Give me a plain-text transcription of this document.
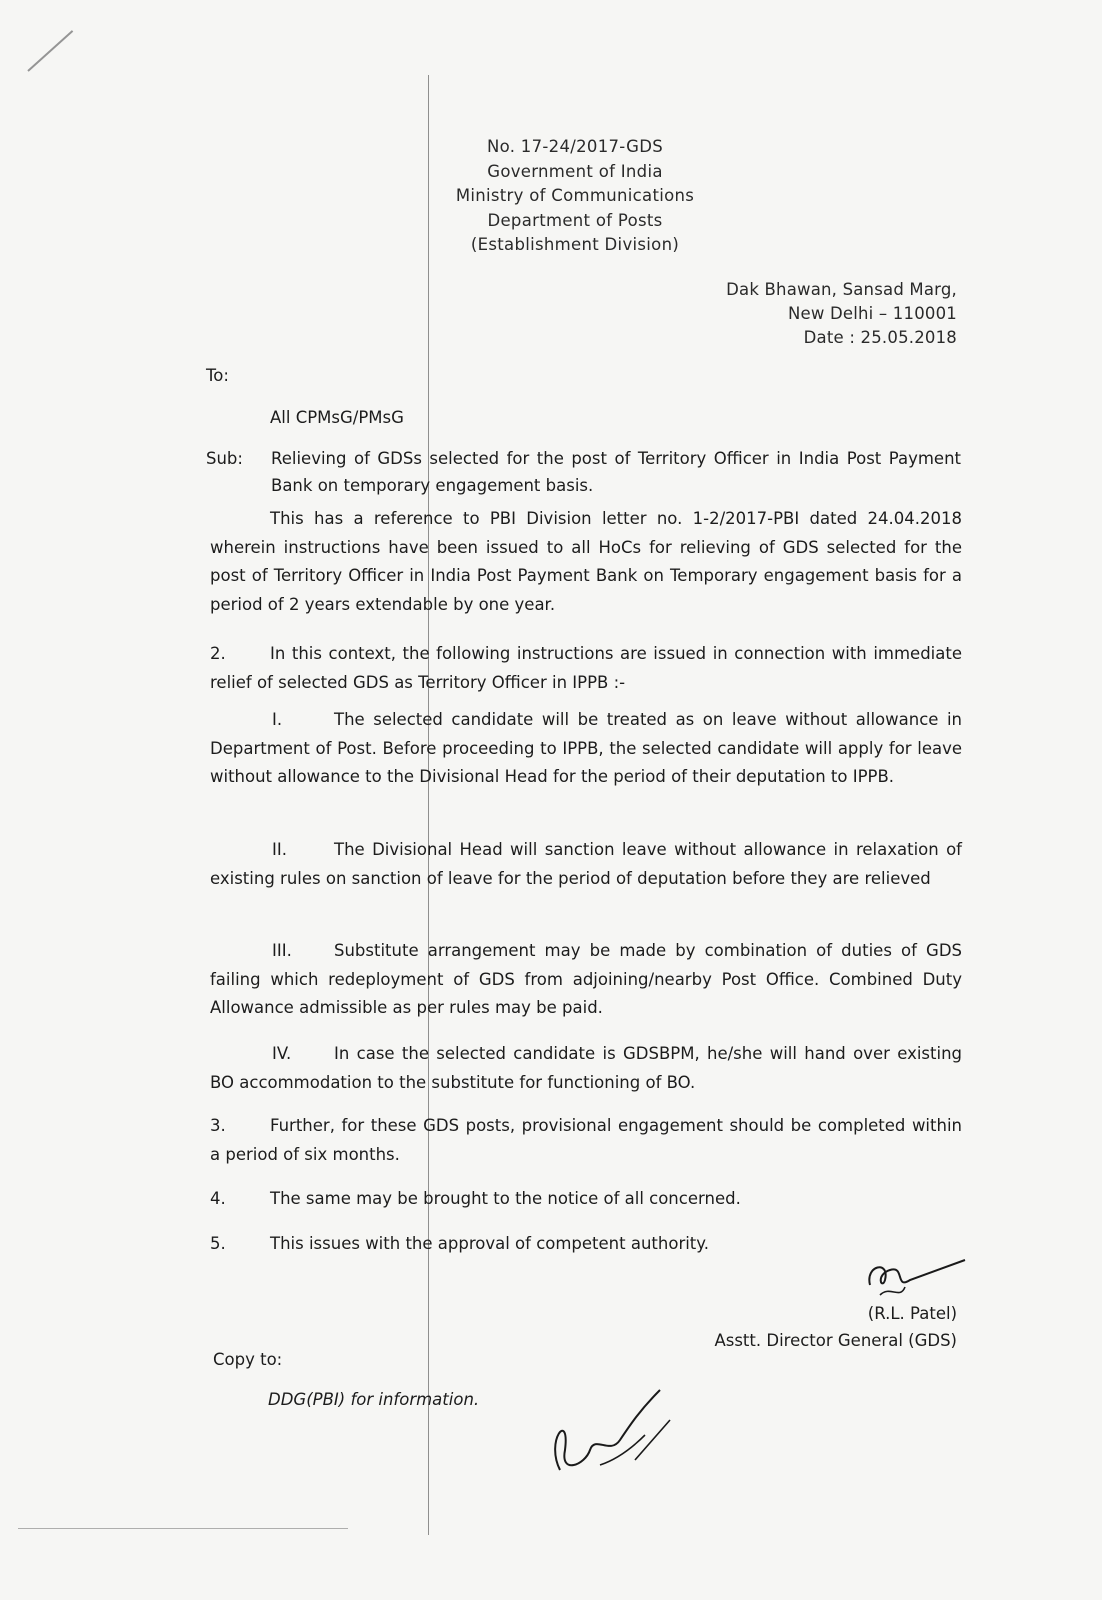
No. 17-24/2017-GDS
Government of India
Ministry of Communications
Department of Posts
(Establishment Division)
Dak Bhawan, Sansad Marg,
New Delhi – 110001
Date : 25.05.2018
To:
All CPMsG/PMsG
Sub: Relieving of GDSs selected for the post of Territory Officer in India Post Payment Bank on temporary engagement basis.
This has a reference to PBI Division letter no. 1-2/2017-PBI dated 24.04.2018 wherein instructions have been issued to all HoCs for relieving of GDS selected for the post of Territory Officer in India Post Payment Bank on Temporary engagement basis for a period of 2 years extendable by one year.
2.	In this context, the following instructions are issued in connection with immediate relief of selected GDS as Territory Officer in IPPB :-
I.	The selected candidate will be treated as on leave without allowance in Department of Post. Before proceeding to IPPB, the selected candidate will apply for leave without allowance to the Divisional Head for the period of their deputation to IPPB.
II.	The Divisional Head will sanction leave without allowance in relaxation of existing rules on sanction of leave for the period of deputation before they are relieved
III.	Substitute arrangement may be made by combination of duties of GDS failing which redeployment of GDS from adjoining/nearby Post Office. Combined Duty Allowance admissible as per rules may be paid.
IV.	In case the selected candidate is GDSBPM, he/she will hand over existing BO accommodation to the substitute for functioning of BO.
3.	Further, for these GDS posts, provisional engagement should be completed within a period of six months.
4.	The same may be brought to the notice of all concerned.
5.	This issues with the approval of competent authority.
(R.L. Patel)
Asstt. Director General (GDS)
Copy to:
DDG(PBI) for information.
